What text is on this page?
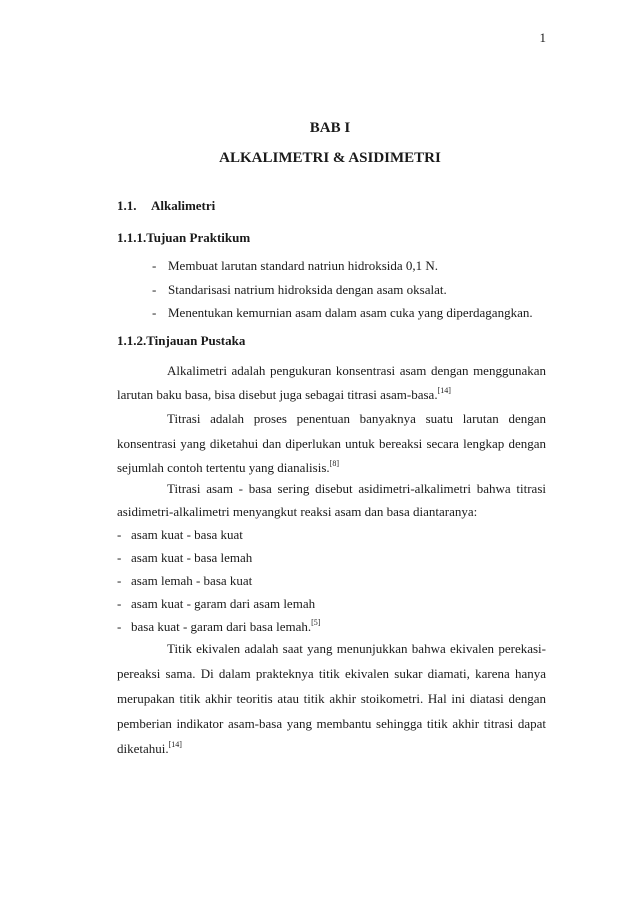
1
BAB I
ALKALIMETRI & ASIDIMETRI
1.1. Alkalimetri
1.1.1.Tujuan Praktikum
- Membuat larutan standard natriun hidroksida 0,1 N.
- Standarisasi natrium hidroksida dengan asam oksalat.
- Menentukan kemurnian asam dalam asam cuka yang diperdagangkan.
1.1.2.Tinjauan Pustaka
Alkalimetri adalah pengukuran konsentrasi asam dengan menggunakan
larutan baku basa, bisa disebut juga sebagai titrasi asam-basa.[14]
Titrasi adalah proses penentuan banyaknya suatu larutan dengan
konsentrasi yang diketahui dan diperlukan untuk bereaksi secara lengkap dengan
sejumlah contoh tertentu yang dianalisis.[8]
Titrasi asam - basa sering disebut asidimetri-alkalimetri bahwa titrasi
asidimetri-alkalimetri menyangkut reaksi asam dan basa diantaranya:
- asam kuat - basa kuat
- asam kuat - basa lemah
- asam lemah - basa kuat
- asam kuat - garam dari asam lemah
- basa kuat - garam dari basa lemah.[5]
Titik ekivalen adalah saat yang menunjukkan bahwa ekivalen perekasi-
pereaksi sama. Di dalam prakteknya titik ekivalen sukar diamati, karena hanya
merupakan titik akhir teoritis atau titik akhir stoikometri. Hal ini diatasi dengan
pemberian indikator asam-basa yang membantu sehingga titik akhir titrasi dapat
diketahui.[14]
